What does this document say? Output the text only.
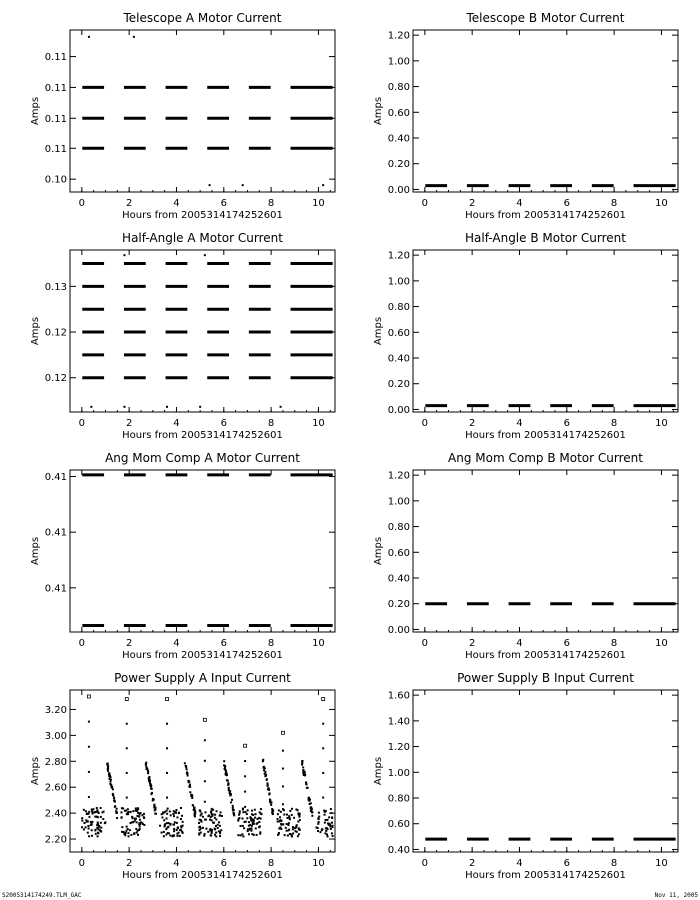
S2005314174249.TLM_GAC	Nov 11, 2005
Telescope A Motor Current
0	2	4	6	8	10
0.10
0.11
0.11
0.11
0.11
Hours from 2005314174252601
Amps
Telescope B Motor Current
0	2	4	6	8	10
0.00
0.20
0.40
0.60
0.80
1.00
1.20
Hours from 2005314174252601
Amps
Half-Angle A Motor Current
0	2	4	6	8	10
0.12
0.12
0.13
Hours from 2005314174252601
Amps
Half-Angle B Motor Current
0	2	4	6	8	10
0.00
0.20
0.40
0.60
0.80
1.00
1.20
Hours from 2005314174252601
Amps
Ang Mom Comp A Motor Current
0	2	4	6	8	10
0.41
0.41
0.41
Hours from 2005314174252601
Amps
Ang Mom Comp B Motor Current
0	2	4	6	8	10
0.00
0.20
0.40
0.60
0.80
1.00
1.20
Hours from 2005314174252601
Amps
Power Supply A Input Current
0	2	4	6	8	10
2.20
2.40
2.60
2.80
3.00
3.20
Hours from 2005314174252601
Amps
Power Supply B Input Current
0	2	4	6	8	10
0.40
0.60
0.80
1.00
1.20
1.40
1.60
Hours from 2005314174252601
Amps
